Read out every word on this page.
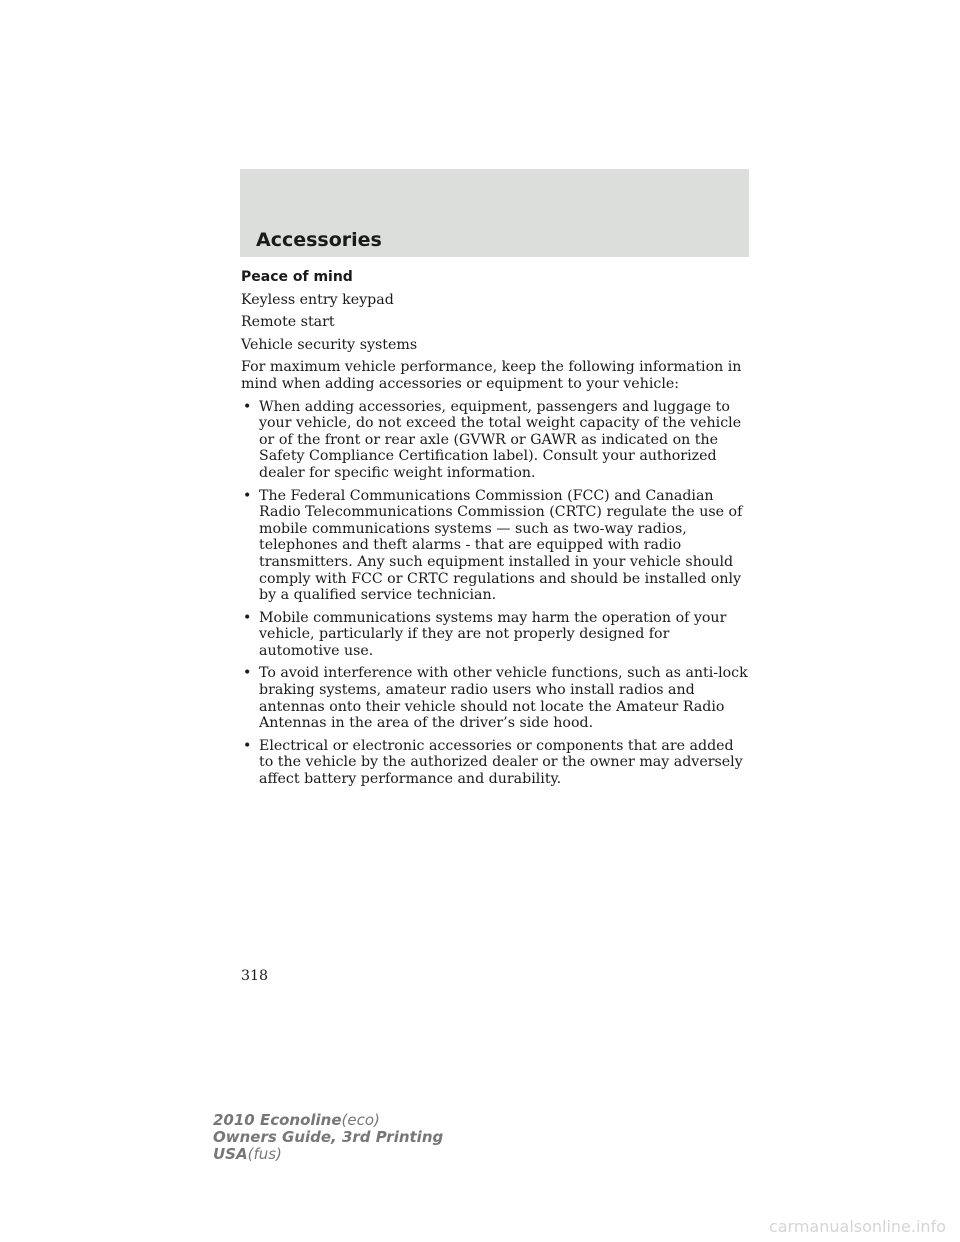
Accessories
Peace of mind
Keyless entry keypad
Remote start
Vehicle security systems
For maximum vehicle performance, keep the following information in mind when adding accessories or equipment to your vehicle:
• When adding accessories, equipment, passengers and luggage to your vehicle, do not exceed the total weight capacity of the vehicle or of the front or rear axle (GVWR or GAWR as indicated on the Safety Compliance Certification label). Consult your authorized dealer for specific weight information.
• The Federal Communications Commission (FCC) and Canadian Radio Telecommunications Commission (CRTC) regulate the use of mobile communications systems — such as two-way radios, telephones and theft alarms - that are equipped with radio transmitters. Any such equipment installed in your vehicle should comply with FCC or CRTC regulations and should be installed only by a qualified service technician.
• Mobile communications systems may harm the operation of your vehicle, particularly if they are not properly designed for automotive use.
• To avoid interference with other vehicle functions, such as anti-lock braking systems, amateur radio users who install radios and antennas onto their vehicle should not locate the Amateur Radio Antennas in the area of the driver’s side hood.
• Electrical or electronic accessories or components that are added to the vehicle by the authorized dealer or the owner may adversely affect battery performance and durability.
318
2010 Econoline(eco)
Owners Guide, 3rd Printing
USA(fus)
carmanualsonline.info
